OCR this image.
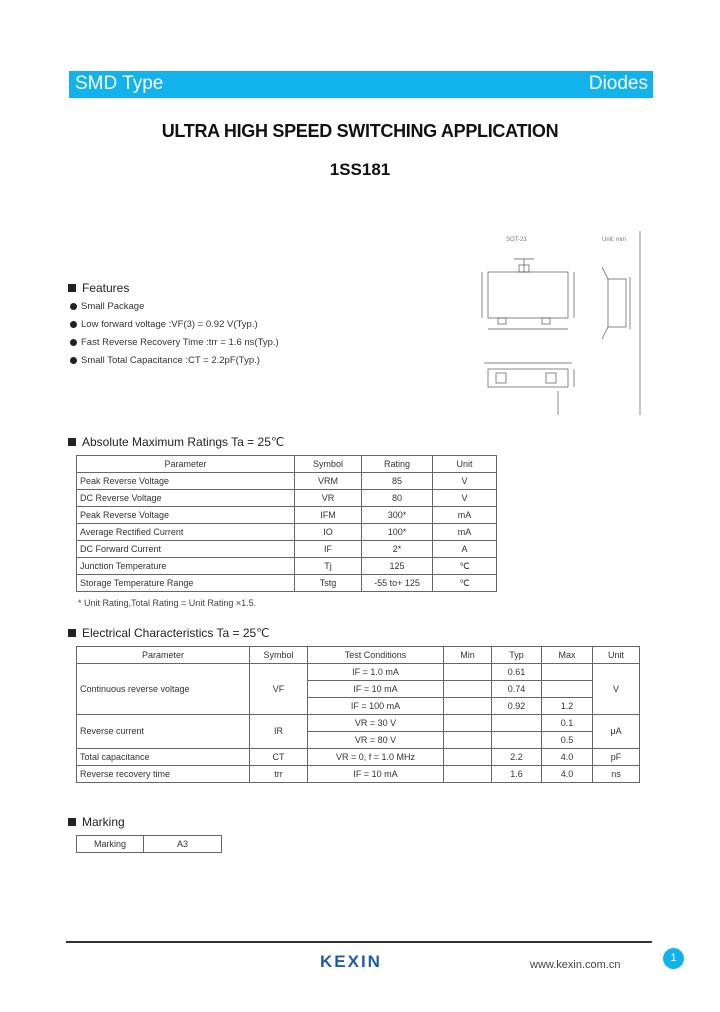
SMD Type	Diodes
ULTRA HIGH SPEED SWITCHING APPLICATION
1SS181
Features
Small Package
Low forward voltage :VF(3) = 0.92 V(Typ.)
Fast Reverse Recovery Time :trr = 1.6 ns(Typ.)
Small Total Capacitance :CT = 2.2pF(Typ.)
SOT-23	Unit: mm
Absolute Maximum Ratings Ta = 25℃
Parameter	Symbol	Rating	Unit
Peak Reverse Voltage	VRM	85	V
DC Reverse Voltage	VR	80	V
Peak Reverse Voltage	IFM	300*	mA
Average Rectified Current	IO	100*	mA
DC Forward Current	IF	2*	A
Junction Temperature	Tj	125	℃
Storage Temperature Range	Tstg	-55 to+ 125	℃
* Unit Rating,Total Rating = Unit Rating ×1.5.
Electrical Characteristics Ta = 25℃
Parameter	Symbol	Test Conditions	Min	Typ	Max	Unit
Continuous reverse voltage	VF	IF = 1.0 mA		0.61		V
		IF = 10 mA		0.74		
		IF = 100 mA		0.92	1.2	
Reverse current	IR	VR = 30 V			0.1	μA
		VR = 80 V			0.5	
Total capacitance	CT	VR = 0, f = 1.0 MHz		2.2	4.0	pF
Reverse recovery time	trr	IF = 10 mA		1.6	4.0	ns
Marking
Marking	A3
KEXIN	www.kexin.com.cn
1
